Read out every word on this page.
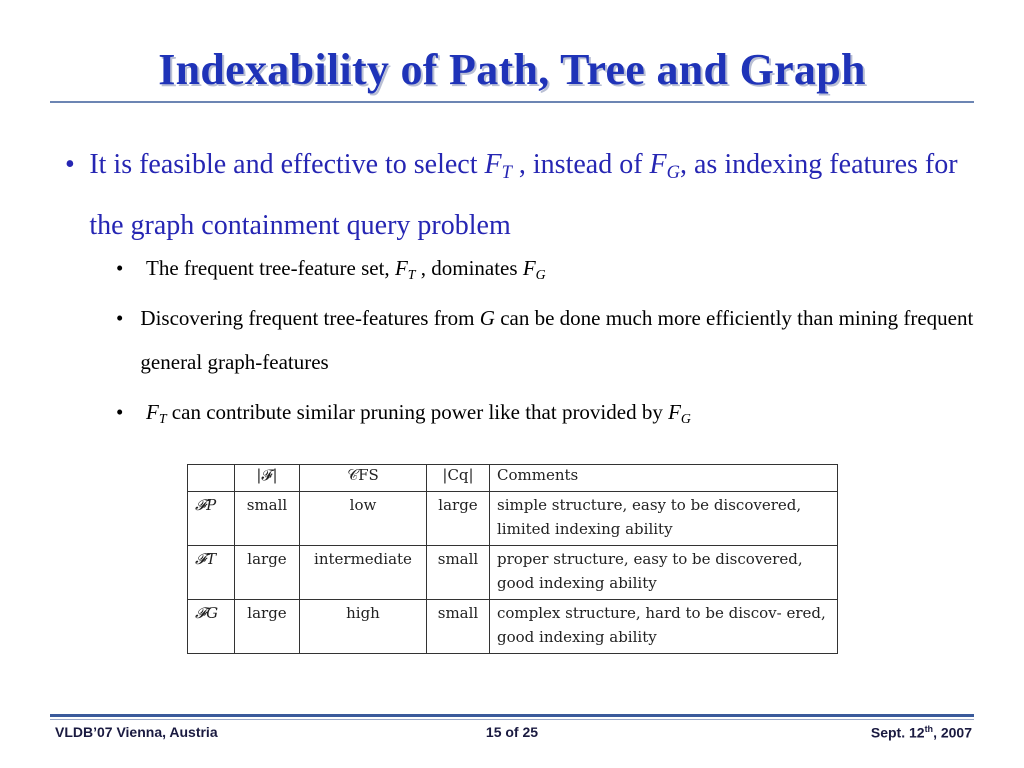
Indexability of Path, Tree and Graph
• It is feasible and effective to select $F_T$ , instead of $F_G$, as indexing features for the graph containment query problem
•	The frequent tree-feature set, $F_T$ , dominates $F_G$
• Discovering frequent tree-features from G can be done much more efficiently than mining frequent general graph-features
•	$F_T$ can contribute similar pruning power like that provided by $F_G$
	|𝓕|	𝒞FS	|Cq|	Comments
𝓕P	small	low	large	simple structure, easy to be discovered, limited indexing ability
𝓕T	large	intermediate	small	proper structure, easy to be discovered, good indexing ability
𝓕G	large	high	small	complex structure, hard to be discov- ered, good indexing ability
VLDB’07 Vienna, Austria	15 of 25	Sept. 12th, 2007
